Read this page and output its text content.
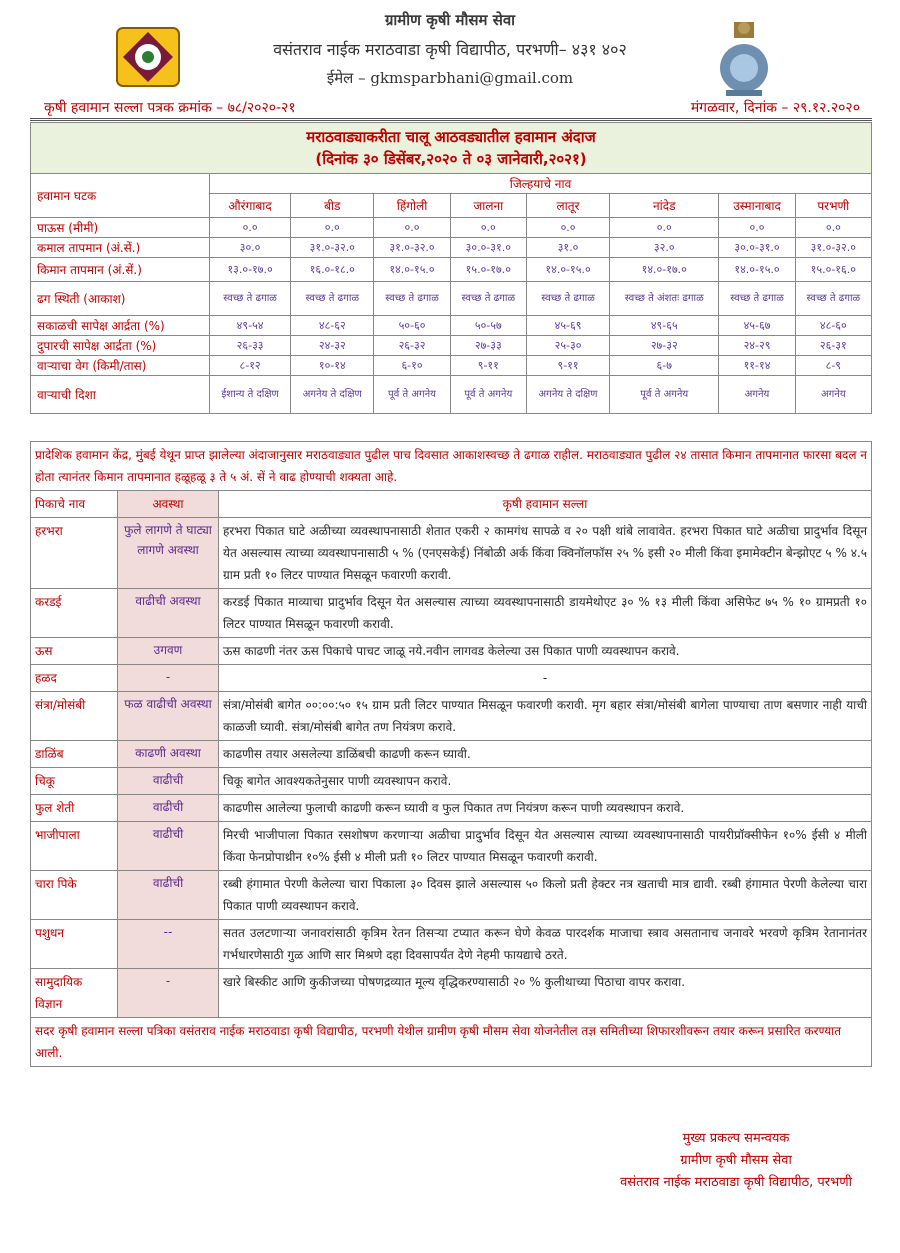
ग्रामीण कृषी मौसम सेवा
वसंतराव नाईक मराठवाडा कृषी विद्यापीठ, परभणी– ४३१ ४०२
ईमेल – gkmsparbhani@gmail.com
कृषी हवामान सल्ला पत्रक क्रमांक – ७८/२०२०-२१	मंगळवार, दिनांक – २९.१२.२०२०
मराठवाड्याकरीता चालू आठवड्यातील हवामान अंदाज
(दिनांक ३० डिसेंबर,२०२० ते ०३ जानेवारी,२०२१)								

हवामान घटक	जिल्हयाचे नाव							
	औरंगाबाद	बीड	हिंगोली	जालना	लातूर	नांदेड	उस्मानाबाद	परभणी
पाऊस (मीमी)	०.०	०.०	०.०	०.०	०.०	०.०	०.०	०.०
कमाल तापमान (अं.सें.)	३०.०	३१.०-३२.०	३१.०-३२.०	३०.०-३१.०	३१.०	३२.०	३०.०-३१.०	३१.०-३२.०
किमान तापमान (अं.सें.)	१३.०-१७.०	१६.०-१८.०	१४.०-१५.०	१५.०-१७.०	१४.०-१५.०	१४.०-१७.०	१४.०-१५.०	१५.०-१६.०
ढग स्थिती (आकाश)	स्वच्छ ते ढगाळ	स्वच्छ ते ढगाळ	स्वच्छ ते ढगाळ	स्वच्छ ते ढगाळ	स्वच्छ ते ढगाळ	स्वच्छ ते अंशतः ढगाळ	स्वच्छ ते ढगाळ	स्वच्छ ते ढगाळ
सकाळची सापेक्ष आर्द्रता (%)	४९-५४	४८-६२	५०-६०	५०-५७	४५-६९	४९-६५	४५-६७	४८-६०
दुपारची सापेक्ष आर्द्रता (%)	२६-३३	२४-३२	२६-३२	२७-३३	२५-३०	२७-३२	२४-२९	२६-३१
वाऱ्याचा वेग (किमी/तास)	८-१२	१०-१४	६-१०	९-११	९-११	६-७	११-१४	८-९
वाऱ्याची दिशा	ईशान्य ते दक्षिण	अगनेय ते दक्षिण	पूर्व ते अगनेय	पूर्व ते अगनेय	अगनेय ते दक्षिण	पूर्व ते अगनेय	अगनेय	अगनेय
प्रादेशिक हवामान केंद्र, मुंबई येथून प्राप्त झालेल्या अंदाजानुसार मराठवाड्यात पुढील पाच दिवसात आकाशस्वच्छ ते ढगाळ राहील. मराठवाड्यात पुढील २४ तासात किमान तापमानात फारसा बदल न होता त्यानंतर किमान तापमानात हळूहळू ३ ते ५ अं. सें ने वाढ होण्याची शक्यता आहे.		
पिकाचे नाव	अवस्था	कृषी हवामान सल्ला
हरभरा	फुले लागणे ते घाट्या लागणे अवस्था	हरभरा पिकात घाटे अळीच्या व्यवस्थापनासाठी शेतात एकरी २ कामगंध सापळे व २० पक्षी थांबे लावावेत. हरभरा पिकात घाटे अळीचा प्रादुर्भाव दिसून येत असल्यास त्याच्या व्यवस्थापनासाठी ५ % (एनएसकेई) निंबोळी अर्क किंवा क्विनॉलफॉस २५ % इसी २० मीली किंवा इमामेक्टीन बेन्झोएट ५ % ४.५ ग्राम प्रती १० लिटर पाण्यात मिसळून फवारणी करावी.
करडई	वाढीची अवस्था	करडई पिकात माव्याचा प्रादुर्भाव दिसून येत असल्यास त्याच्या व्यवस्थापनासाठी डायमेथोएट ३० % १३ मीली किंवा असिफेट ७५ % १० ग्रामप्रती १० लिटर पाण्यात मिसळून फवारणी करावी.
ऊस	उगवण	ऊस काढणी नंतर ऊस पिकाचे पाचट जाळू नये.नवीन लागवड केलेल्या उस पिकात पाणी व्यवस्थापन करावे.
हळद	-	-
संत्रा/मोसंबी	फळ वाढीची अवस्था	संत्रा/मोसंबी बागेत ००:००:५० १५ ग्राम प्रती लिटर पाण्यात मिसळून फवारणी करावी. मृग बहार संत्रा/मोसंबी बागेला पाण्याचा ताण बसणार नाही याची काळजी घ्यावी. संत्रा/मोसंबी बागेत तण नियंत्रण करावे.
डाळिंब	काढणी अवस्था	काढणीस तयार असलेल्या डाळिंबची काढणी करून घ्यावी.
चिकू	वाढीची	चिकू बागेत आवश्यकतेनुसार पाणी व्यवस्थापन करावे.
फुल शेती	वाढीची	काढणीस आलेल्या फुलाची काढणी करून घ्यावी व फुल पिकात तण नियंत्रण करून पाणी व्यवस्थापन करावे.
भाजीपाला	वाढीची	मिरची भाजीपाला पिकात रसशोषण करणाऱ्या अळीचा प्रादुर्भाव दिसून येत असल्यास त्याच्या व्यवस्थापनासाठी पायरीप्रॉक्सीफेन १०% ईसी ४ मीली किंवा फेनप्रोपाथ्रीन १०% ईसी ४ मीली प्रती १० लिटर पाण्यात मिसळून फवारणी करावी.
चारा पिके	वाढीची	रब्बी हंगामात पेरणी केलेल्या चारा पिकाला ३० दिवस झाले असल्यास ५० किलो प्रती हेक्टर नत्र खताची मात्र द्यावी. रब्बी हंगामात पेरणी केलेल्या चारा पिकात पाणी व्यवस्थापन करावे.
पशुधन	--	सतत उलटणाऱ्या जनावरांसाठी कृत्रिम रेतन तिसऱ्या टप्यात करून घेणे केवळ पारदर्शक माजाचा स्त्राव असतानाच जनावरे भरवणे कृत्रिम रेतानानंतर गर्भधारणेसाठी गुळ आणि सार मिश्रणे दहा दिवसापर्यंत देणे नेहमी फायद्याचे ठरते.
सामुदायिक विज्ञान	-	खारे बिस्कीट आणि कुकीजच्या पोषणद्रव्यात मूल्य वृद्धिकरण्यासाठी २० % कुलीथाच्या पिठाचा वापर करावा.
सदर कृषी हवामान सल्ला पत्रिका वसंतराव नाईक मराठवाडा कृषी विद्यापीठ, परभणी येथील ग्रामीण कृषी मौसम सेवा योजनेतील तज्ञ समितीच्या शिफारशीवरून तयार करून प्रसारित करण्यात आली.		
मुख्य प्रकल्प समन्वयक
ग्रामीण कृषी मौसम सेवा
वसंतराव नाईक मराठवाडा कृषी विद्यापीठ, परभणी
